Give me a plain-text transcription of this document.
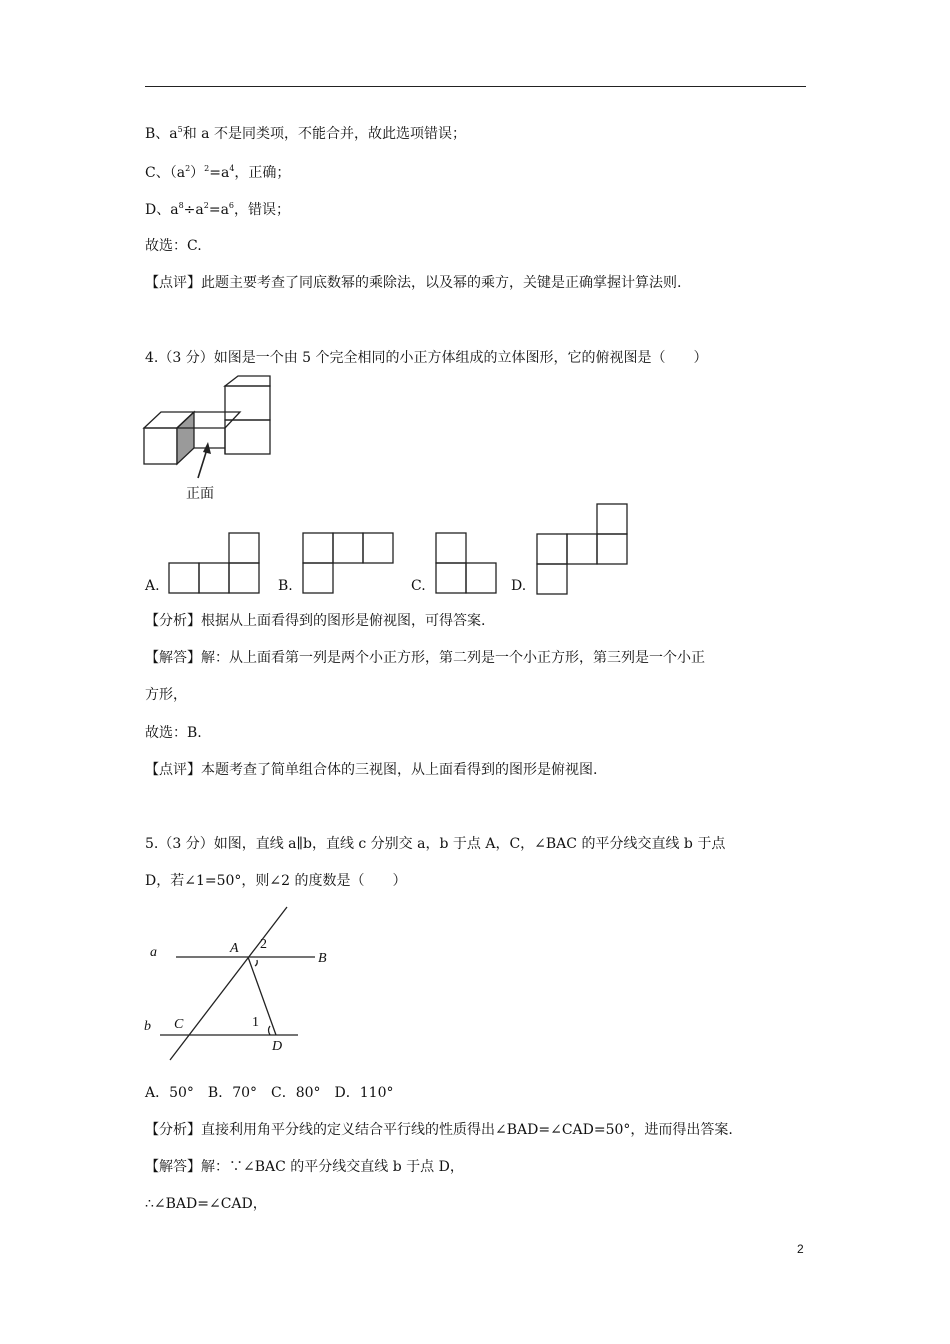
B、$a^5$和 a 不是同类项，不能合并，故此选项错误；
C、$(a^2)^2=a^4$，正确；
D、$a^8\div a^2=a^6$，错误；
故选：C.
【点评】此题主要考查了同底数幂的乘除法，以及幂的乘方，关键是正确掌握计算法则.
4.（3 分）如图是一个由 5 个完全相同的小正方体组成的立体图形，它的俯视图是（　　）
正面
A.	B.	C.	D.
【分析】根据从上面看得到的图形是俯视图，可得答案.
【解答】解：从上面看第一列是两个小正方形，第二列是一个小正方形，第三列是一个小正
方形，
故选：B.
【点评】本题考查了简单组合体的三视图，从上面看得到的图形是俯视图.
5.（3 分）如图，直线 a∥b，直线 c 分别交 a，b 于点 A，C，∠BAC 的平分线交直线 b 于点
D，若∠1=50°，则∠2 的度数是（　　）
a
b
A
B
C
D
1
2
A．50°　B．70°　C．80°　D．110°
【分析】直接利用角平分线的定义结合平行线的性质得出∠BAD=∠CAD=50°，进而得出答案.
【解答】解：∵∠BAC 的平分线交直线 b 于点 D，
∴∠BAD=∠CAD，
2
